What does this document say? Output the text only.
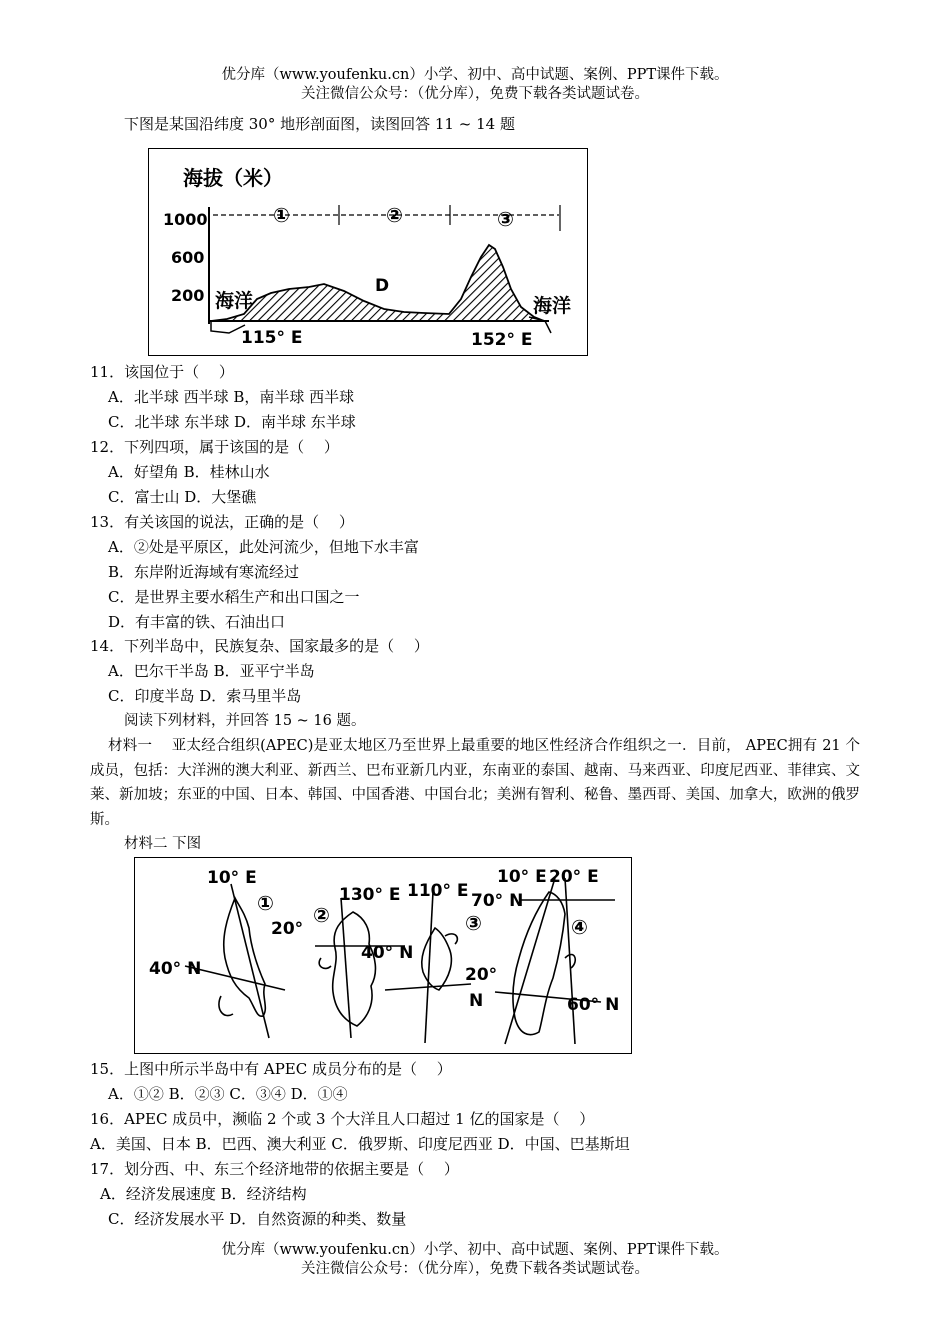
优分库（www.youfenku.cn）小学、初中、高中试题、案例、PPT课件下载。
关注微信公众号：（优分库），免费下载各类试题试卷。
下图是某国沿纬度 30° 地形剖面图，读图回答 11 ~ 14 题
海拔（米）
1000
600
200
①	②	③
海洋	海洋
D
115° E	152° E
11．该国位于（　 ）
A．北半球 西半球 B，南半球 西半球
C．北半球 东半球 D．南半球 东半球
12．下列四项，属于该国的是（　 ）
A．好望角 B．桂林山水
C．富士山 D．大堡礁
13．有关该国的说法，正确的是（　 ）
A．②处是平原区，此处河流少，但地下水丰富
B．东岸附近海域有寒流经过
C．是世界主要水稻生产和出口国之一
D．有丰富的铁、石油出口
14．下列半岛中，民族复杂、国家最多的是（　 ）
A．巴尔干半岛 B．亚平宁半岛
C．印度半岛 D．索马里半岛
阅读下列材料，并回答 15 ~ 16 题。
材料一　 亚太经合组织(APEC)是亚太地区乃至世界上最重要的地区性经济合作组织之一．目前， APEC拥有 21 个成员，包括：大洋洲的澳大利亚、新西兰、巴布亚新几内亚，东南亚的泰国、越南、马来西亚、印度尼西亚、菲律宾、文莱、新加坡；东亚的中国、日本、韩国、中国香港、中国台北；美洲有智利、秘鲁、墨西哥、美国、加拿大，欧洲的俄罗斯。
材料二 下图
10° E
①
20°
40° N
②
130° E
40° N
110° E
③
20°
N
10° E 20° E
70° N
④
60° N
15．上图中所示半岛中有 APEC 成员分布的是（　 ）
A．①② B．②③ C．③④ D．①④
16．APEC 成员中，濒临 2 个或 3 个大洋且人口超过 1 亿的国家是（　 ）
A．美国、日本 B．巴西、澳大利亚 C．俄罗斯、印度尼西亚 D．中国、巴基斯坦
17．划分西、中、东三个经济地带的依据主要是（　 ）
A．经济发展速度 B．经济结构
C．经济发展水平 D．自然资源的种类、数量
优分库（www.youfenku.cn）小学、初中、高中试题、案例、PPT课件下载。
关注微信公众号：（优分库），免费下载各类试题试卷。
